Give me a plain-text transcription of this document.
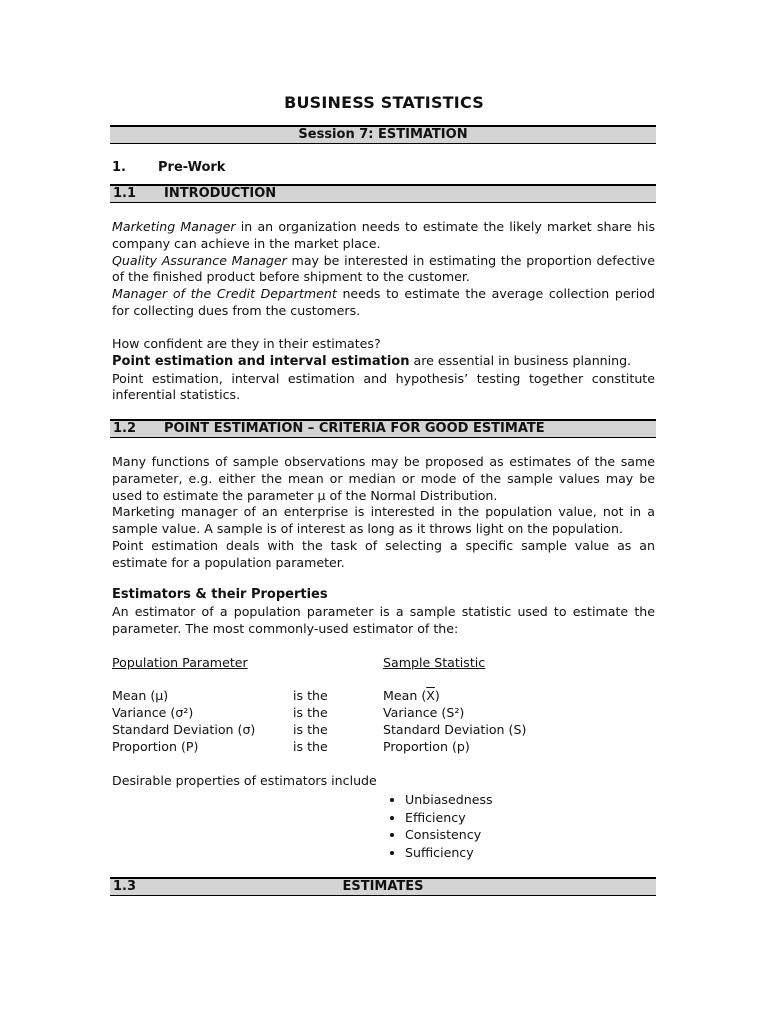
BUSINESS STATISTICS
Session 7: ESTIMATION
1. Pre-Work
1.1 INTRODUCTION

Marketing Manager in an organization needs to estimate the likely market share his company can achieve in the market place.

Quality Assurance Manager may be interested in estimating the proportion defective of the finished product before shipment to the customer.

Manager of the Credit Department needs to estimate the average collection period for collecting dues from the customers.

How confident are they in their estimates?

Point estimation and interval estimation are essential in business planning.

Point estimation, interval estimation and hypothesis’ testing together constitute inferential statistics.

1.2 POINT ESTIMATION – CRITERIA FOR GOOD ESTIMATE

Many functions of sample observations may be proposed as estimates of the same parameter, e.g. either the mean or median or mode of the sample values may be used to estimate the parameter µ of the Normal Distribution.

Marketing manager of an enterprise is interested in the population value, not in a sample value. A sample is of interest as long as it throws light on the population.

Point estimation deals with the task of selecting a specific sample value as an estimate for a population parameter.

Estimators & their Properties

An estimator of a population parameter is a sample statistic used to estimate the parameter. The most commonly-used estimator of the:

Population Parameter	Sample Statistic
Mean (µ)	is the	Mean $(\overline{X})$
Variance (σ²)	is the	Variance (S²)
Standard Deviation (σ)	is the	Standard Deviation (S)
Proportion (P)	is the	Proportion (p)
Desirable properties of estimators include
• Unbiasedness
• Efficiency
• Consistency
• Sufficiency
1.3	ESTIMATES
